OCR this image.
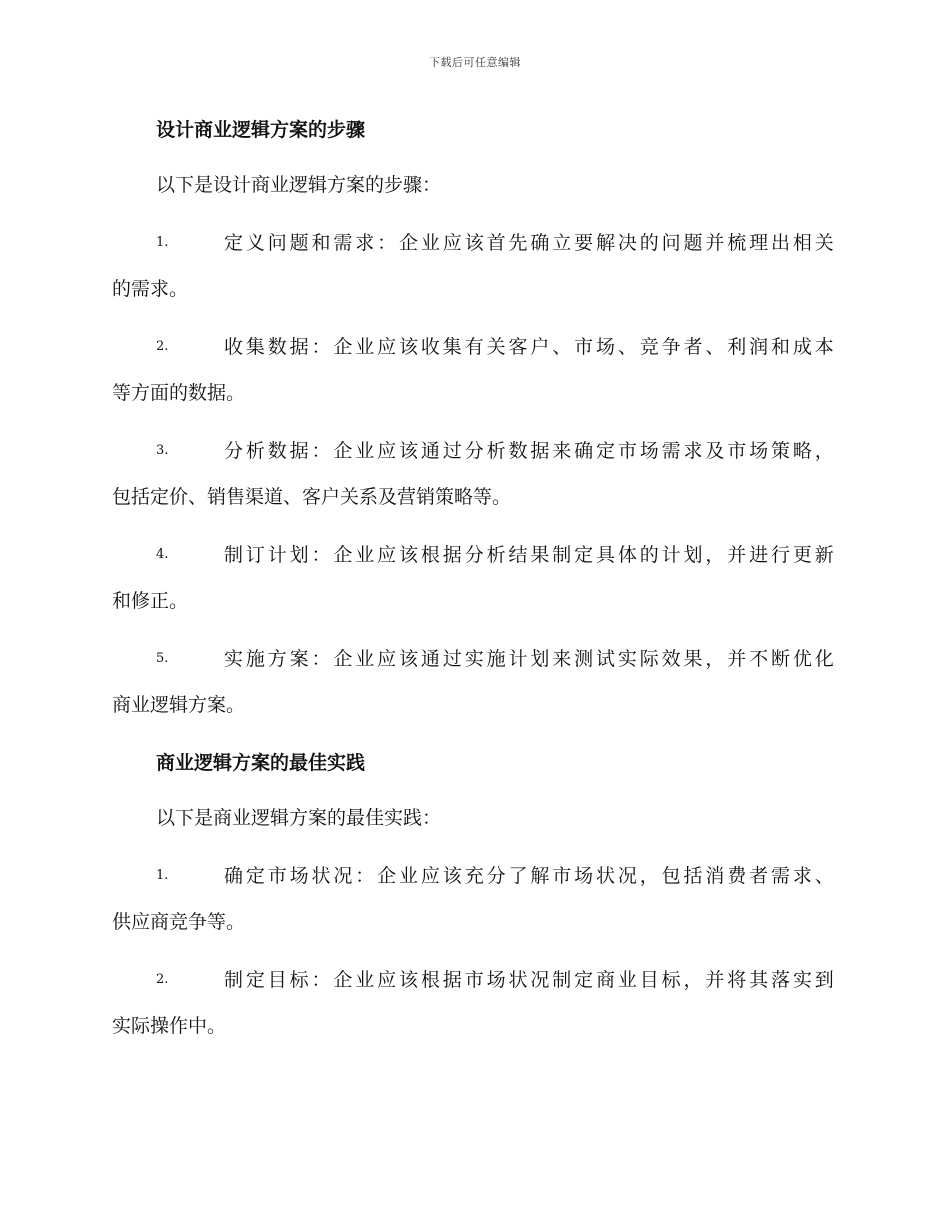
下载后可任意编辑
设计商业逻辑方案的步骤

以下是设计商业逻辑方案的步骤：

1.	定义问题和需求：企业应该首先确立要解决的问题并梳理出相关
的需求。
2.	收集数据：企业应该收集有关客户、市场、竞争者、利润和成本
等方面的数据。
3.	分析数据：企业应该通过分析数据来确定市场需求及市场策略，
包括定价、销售渠道、客户关系及营销策略等。
4.	制订计划：企业应该根据分析结果制定具体的计划，并进行更新
和修正。
5.	实施方案：企业应该通过实施计划来测试实际效果，并不断优化
商业逻辑方案。
商业逻辑方案的最佳实践

以下是商业逻辑方案的最佳实践：

1.	确定市场状况：企业应该充分了解市场状况，包括消费者需求、
供应商竞争等。
2.	制定目标：企业应该根据市场状况制定商业目标，并将其落实到
实际操作中。
